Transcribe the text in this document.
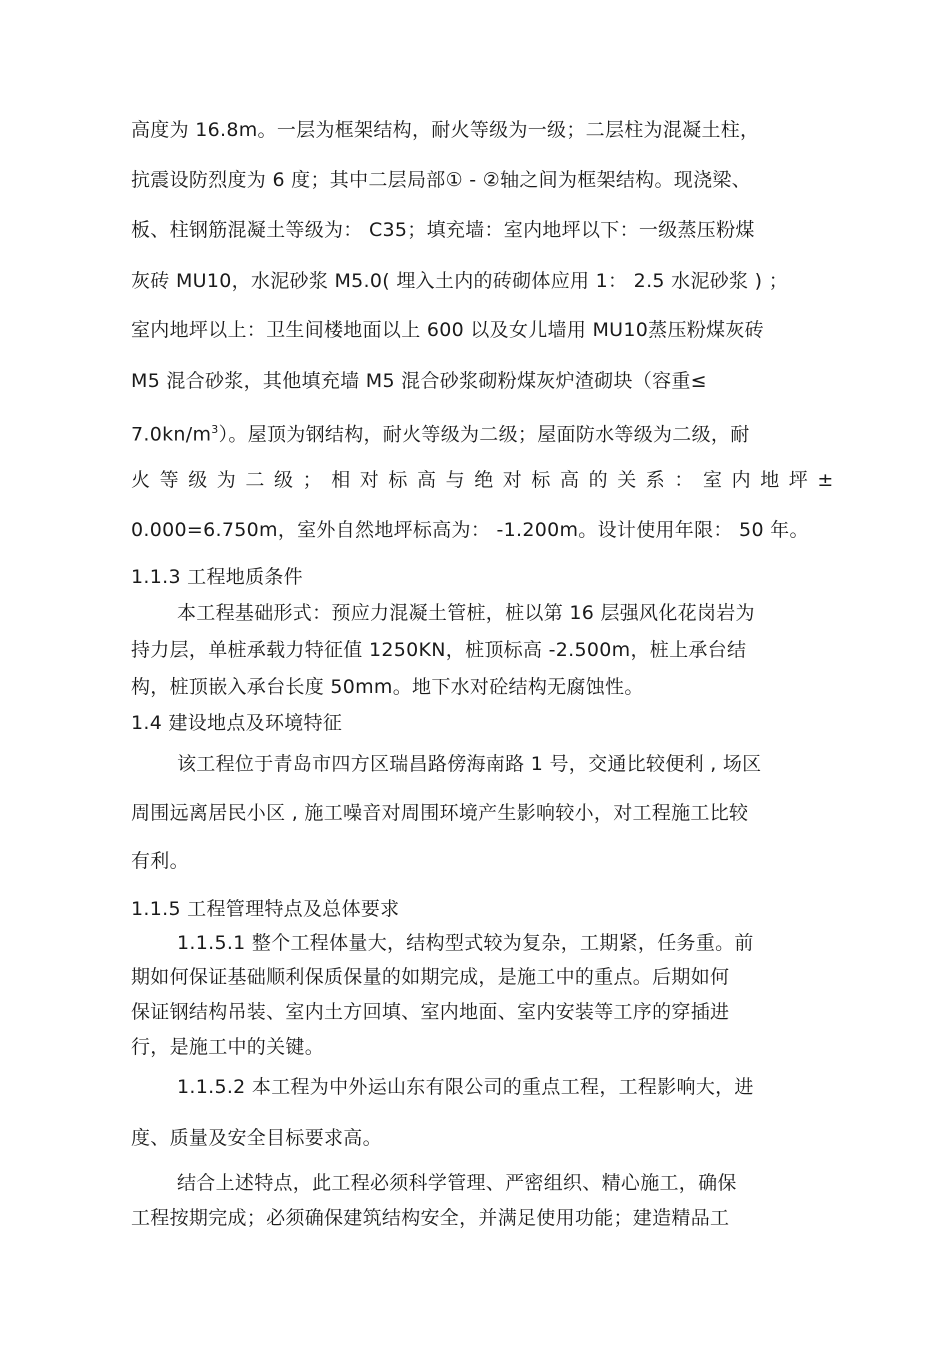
高度为 16.8m。一层为框架结构，耐火等级为一级；二层柱为混凝土柱，
抗震设防烈度为 6 度；其中二层局部① - ②轴之间为框架结构。现浇梁、
板、柱钢筋混凝土等级为： C35；填充墙：室内地坪以下：一级蒸压粉煤
灰砖 MU10，水泥砂浆 M5.0( 埋入土内的砖砌体应用 1： 2.5 水泥砂浆 ) ；
室内地坪以上：卫生间楼地面以上 600 以及女儿墙用 MU10蒸压粉煤灰砖
M5 混合砂浆，其他填充墙 M5 混合砂浆砌粉煤灰炉渣砌块（容重≤
$7.0kn/m^3$）。屋顶为钢结构，耐火等级为二级；屋面防水等级为二级，耐
火等级为二级；相对标高与绝对标高的关系：室内地坪±
0.000=6.750m，室外自然地坪标高为： -1.200m。设计使用年限： 50 年。
1.1.3 工程地质条件
本工程基础形式：预应力混凝土管桩，桩以第 16 层强风化花岗岩为
持力层，单桩承载力特征值 1250KN，桩顶标高 -2.500m，桩上承台结
构，桩顶嵌入承台长度 50mm。地下水对砼结构无腐蚀性。
1.4 建设地点及环境特征
该工程位于青岛市四方区瑞昌路傍海南路 1 号，交通比较便利 , 场区
周围远离居民小区 , 施工噪音对周围环境产生影响较小，对工程施工比较
有利。
1.1.5 工程管理特点及总体要求
1.1.5.1 整个工程体量大，结构型式较为复杂，工期紧，任务重。前
期如何保证基础顺利保质保量的如期完成，是施工中的重点。后期如何
保证钢结构吊装、室内土方回填、室内地面、室内安装等工序的穿插进
行，是施工中的关键。
1.1.5.2 本工程为中外运山东有限公司的重点工程，工程影响大，进
度、质量及安全目标要求高。
结合上述特点，此工程必须科学管理、严密组织、精心施工，确保
工程按期完成；必须确保建筑结构安全，并满足使用功能；建造精品工
